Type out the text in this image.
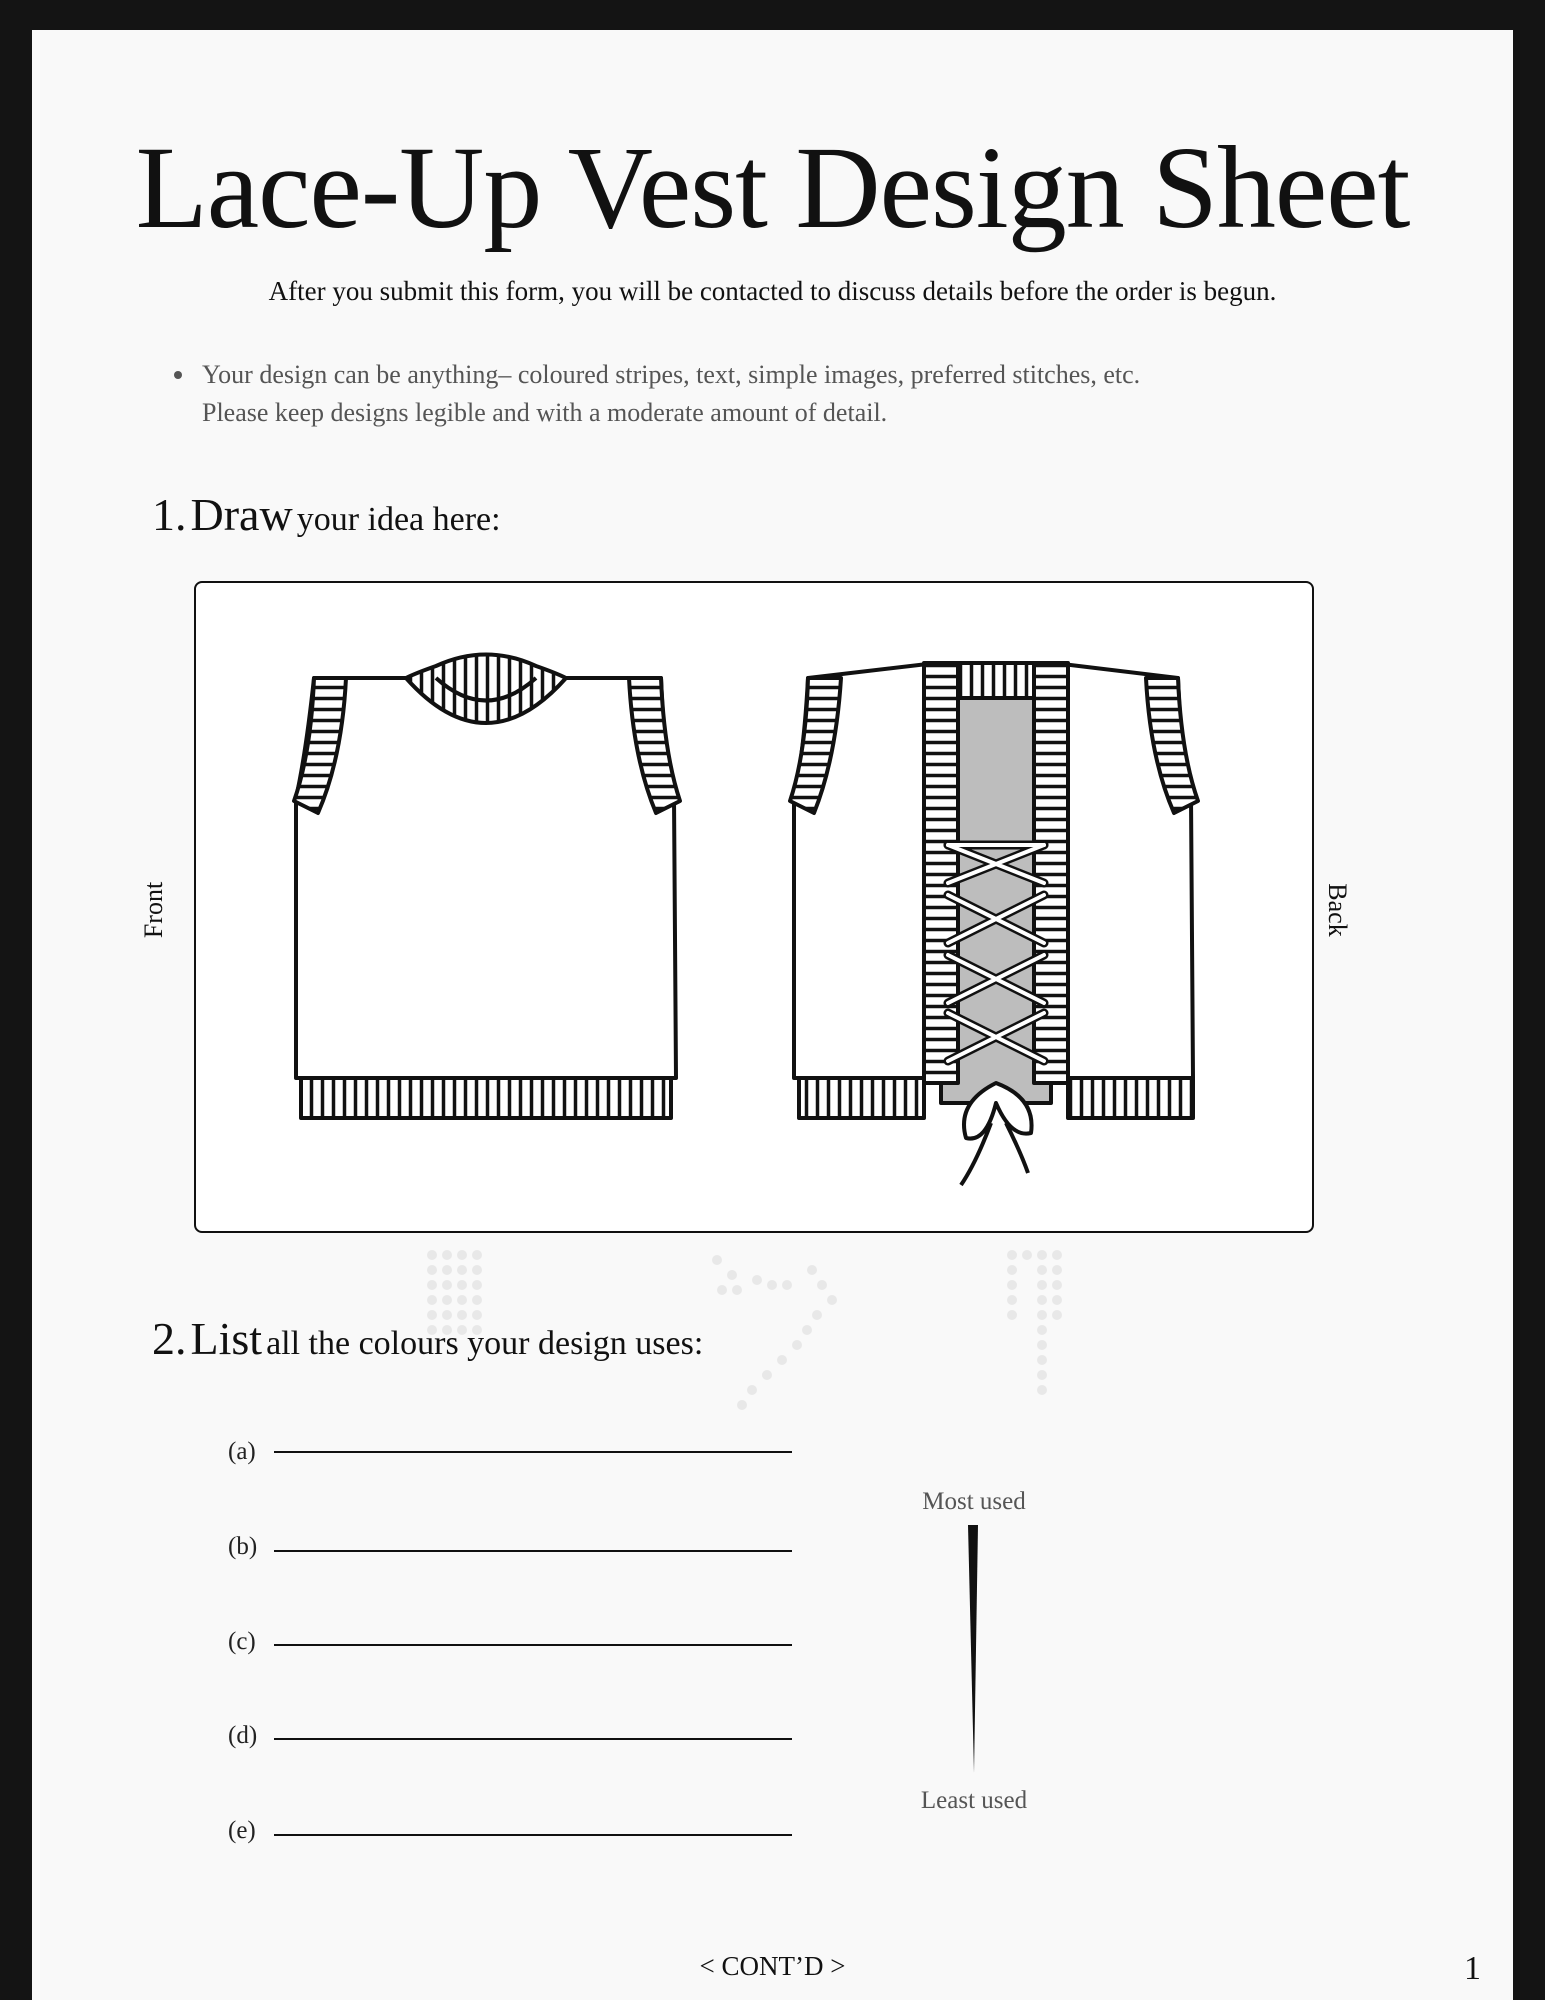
Lace-Up Vest Design Sheet
After you submit this form, you will be contacted to discuss details before the order is begun.
Your design can be anything– coloured stripes, text, simple images, preferred stitches, etc.
Please keep designs legible and with a moderate amount of detail.
1. Draw your idea here:
Front	Back
2. List all the colours your design uses:
(a)
(b)
(c)
(d)
(e)
Most used
Least used
< CONT’D >	1
